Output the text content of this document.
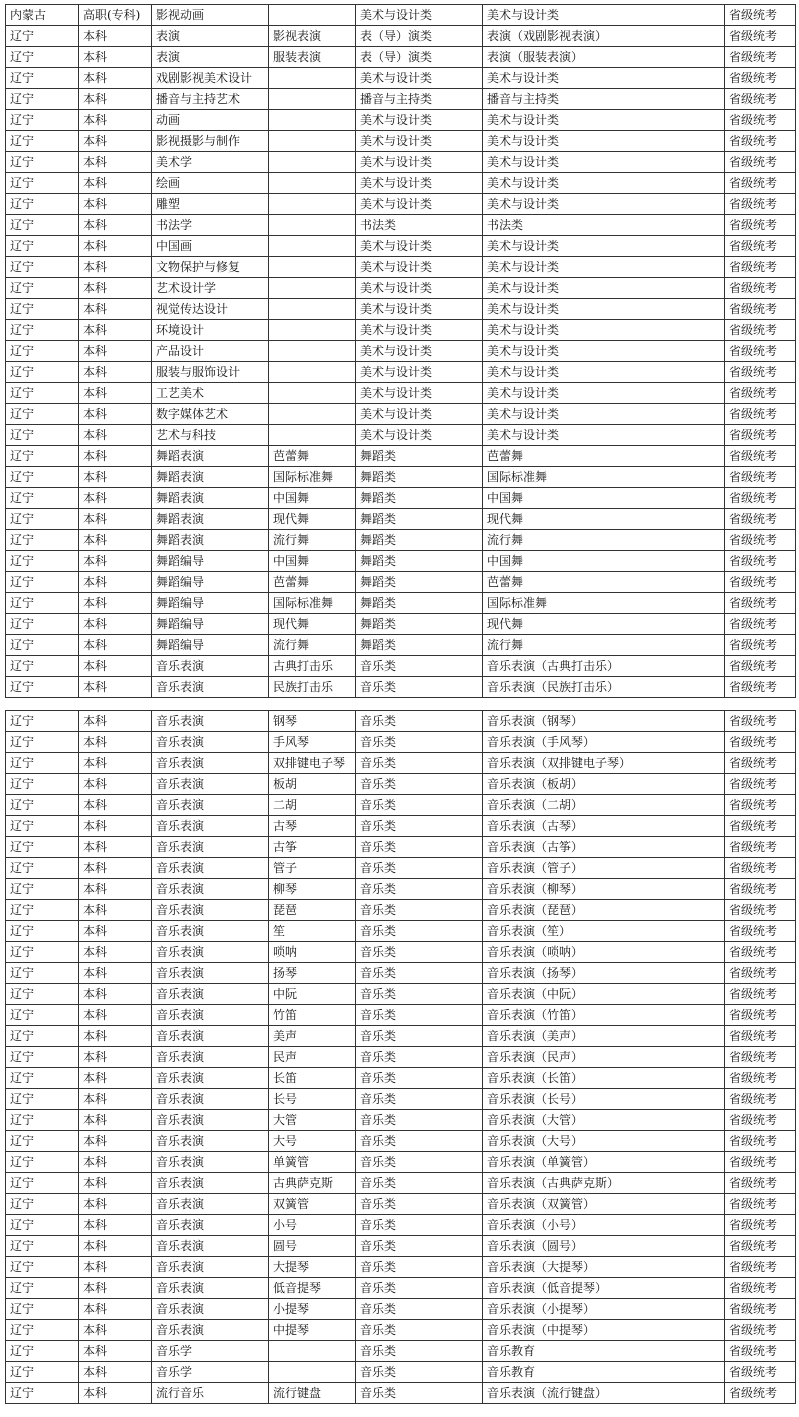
内蒙古	高职(专科)	影视动画		美术与设计类	美术与设计类	省级统考
辽宁	本科	表演	影视表演	表（导）演类	表演（戏剧影视表演）	省级统考
辽宁	本科	表演	服装表演	表（导）演类	表演（服装表演）	省级统考
辽宁	本科	戏剧影视美术设计		美术与设计类	美术与设计类	省级统考
辽宁	本科	播音与主持艺术		播音与主持类	播音与主持类	省级统考
辽宁	本科	动画		美术与设计类	美术与设计类	省级统考
辽宁	本科	影视摄影与制作		美术与设计类	美术与设计类	省级统考
辽宁	本科	美术学		美术与设计类	美术与设计类	省级统考
辽宁	本科	绘画		美术与设计类	美术与设计类	省级统考
辽宁	本科	雕塑		美术与设计类	美术与设计类	省级统考
辽宁	本科	书法学		书法类	书法类	省级统考
辽宁	本科	中国画		美术与设计类	美术与设计类	省级统考
辽宁	本科	文物保护与修复		美术与设计类	美术与设计类	省级统考
辽宁	本科	艺术设计学		美术与设计类	美术与设计类	省级统考
辽宁	本科	视觉传达设计		美术与设计类	美术与设计类	省级统考
辽宁	本科	环境设计		美术与设计类	美术与设计类	省级统考
辽宁	本科	产品设计		美术与设计类	美术与设计类	省级统考
辽宁	本科	服装与服饰设计		美术与设计类	美术与设计类	省级统考
辽宁	本科	工艺美术		美术与设计类	美术与设计类	省级统考
辽宁	本科	数字媒体艺术		美术与设计类	美术与设计类	省级统考
辽宁	本科	艺术与科技		美术与设计类	美术与设计类	省级统考
辽宁	本科	舞蹈表演	芭蕾舞	舞蹈类	芭蕾舞	省级统考
辽宁	本科	舞蹈表演	国际标准舞	舞蹈类	国际标准舞	省级统考
辽宁	本科	舞蹈表演	中国舞	舞蹈类	中国舞	省级统考
辽宁	本科	舞蹈表演	现代舞	舞蹈类	现代舞	省级统考
辽宁	本科	舞蹈表演	流行舞	舞蹈类	流行舞	省级统考
辽宁	本科	舞蹈编导	中国舞	舞蹈类	中国舞	省级统考
辽宁	本科	舞蹈编导	芭蕾舞	舞蹈类	芭蕾舞	省级统考
辽宁	本科	舞蹈编导	国际标准舞	舞蹈类	国际标准舞	省级统考
辽宁	本科	舞蹈编导	现代舞	舞蹈类	现代舞	省级统考
辽宁	本科	舞蹈编导	流行舞	舞蹈类	流行舞	省级统考
辽宁	本科	音乐表演	古典打击乐	音乐类	音乐表演（古典打击乐）	省级统考
辽宁	本科	音乐表演	民族打击乐	音乐类	音乐表演（民族打击乐）	省级统考
辽宁	本科	音乐表演	钢琴	音乐类	音乐表演（钢琴）	省级统考
辽宁	本科	音乐表演	手风琴	音乐类	音乐表演（手风琴）	省级统考
辽宁	本科	音乐表演	双排键电子琴	音乐类	音乐表演（双排键电子琴）	省级统考
辽宁	本科	音乐表演	板胡	音乐类	音乐表演（板胡）	省级统考
辽宁	本科	音乐表演	二胡	音乐类	音乐表演（二胡）	省级统考
辽宁	本科	音乐表演	古琴	音乐类	音乐表演（古琴）	省级统考
辽宁	本科	音乐表演	古筝	音乐类	音乐表演（古筝）	省级统考
辽宁	本科	音乐表演	管子	音乐类	音乐表演（管子）	省级统考
辽宁	本科	音乐表演	柳琴	音乐类	音乐表演（柳琴）	省级统考
辽宁	本科	音乐表演	琵琶	音乐类	音乐表演（琵琶）	省级统考
辽宁	本科	音乐表演	笙	音乐类	音乐表演（笙）	省级统考
辽宁	本科	音乐表演	唢呐	音乐类	音乐表演（唢呐）	省级统考
辽宁	本科	音乐表演	扬琴	音乐类	音乐表演（扬琴）	省级统考
辽宁	本科	音乐表演	中阮	音乐类	音乐表演（中阮）	省级统考
辽宁	本科	音乐表演	竹笛	音乐类	音乐表演（竹笛）	省级统考
辽宁	本科	音乐表演	美声	音乐类	音乐表演（美声）	省级统考
辽宁	本科	音乐表演	民声	音乐类	音乐表演（民声）	省级统考
辽宁	本科	音乐表演	长笛	音乐类	音乐表演（长笛）	省级统考
辽宁	本科	音乐表演	长号	音乐类	音乐表演（长号）	省级统考
辽宁	本科	音乐表演	大管	音乐类	音乐表演（大管）	省级统考
辽宁	本科	音乐表演	大号	音乐类	音乐表演（大号）	省级统考
辽宁	本科	音乐表演	单簧管	音乐类	音乐表演（单簧管）	省级统考
辽宁	本科	音乐表演	古典萨克斯	音乐类	音乐表演（古典萨克斯）	省级统考
辽宁	本科	音乐表演	双簧管	音乐类	音乐表演（双簧管）	省级统考
辽宁	本科	音乐表演	小号	音乐类	音乐表演（小号）	省级统考
辽宁	本科	音乐表演	圆号	音乐类	音乐表演（圆号）	省级统考
辽宁	本科	音乐表演	大提琴	音乐类	音乐表演（大提琴）	省级统考
辽宁	本科	音乐表演	低音提琴	音乐类	音乐表演（低音提琴）	省级统考
辽宁	本科	音乐表演	小提琴	音乐类	音乐表演（小提琴）	省级统考
辽宁	本科	音乐表演	中提琴	音乐类	音乐表演（中提琴）	省级统考
辽宁	本科	音乐学		音乐类	音乐教育	省级统考
辽宁	本科	音乐学		音乐类	音乐教育	省级统考
辽宁	本科	流行音乐	流行键盘	音乐类	音乐表演（流行键盘）	省级统考
